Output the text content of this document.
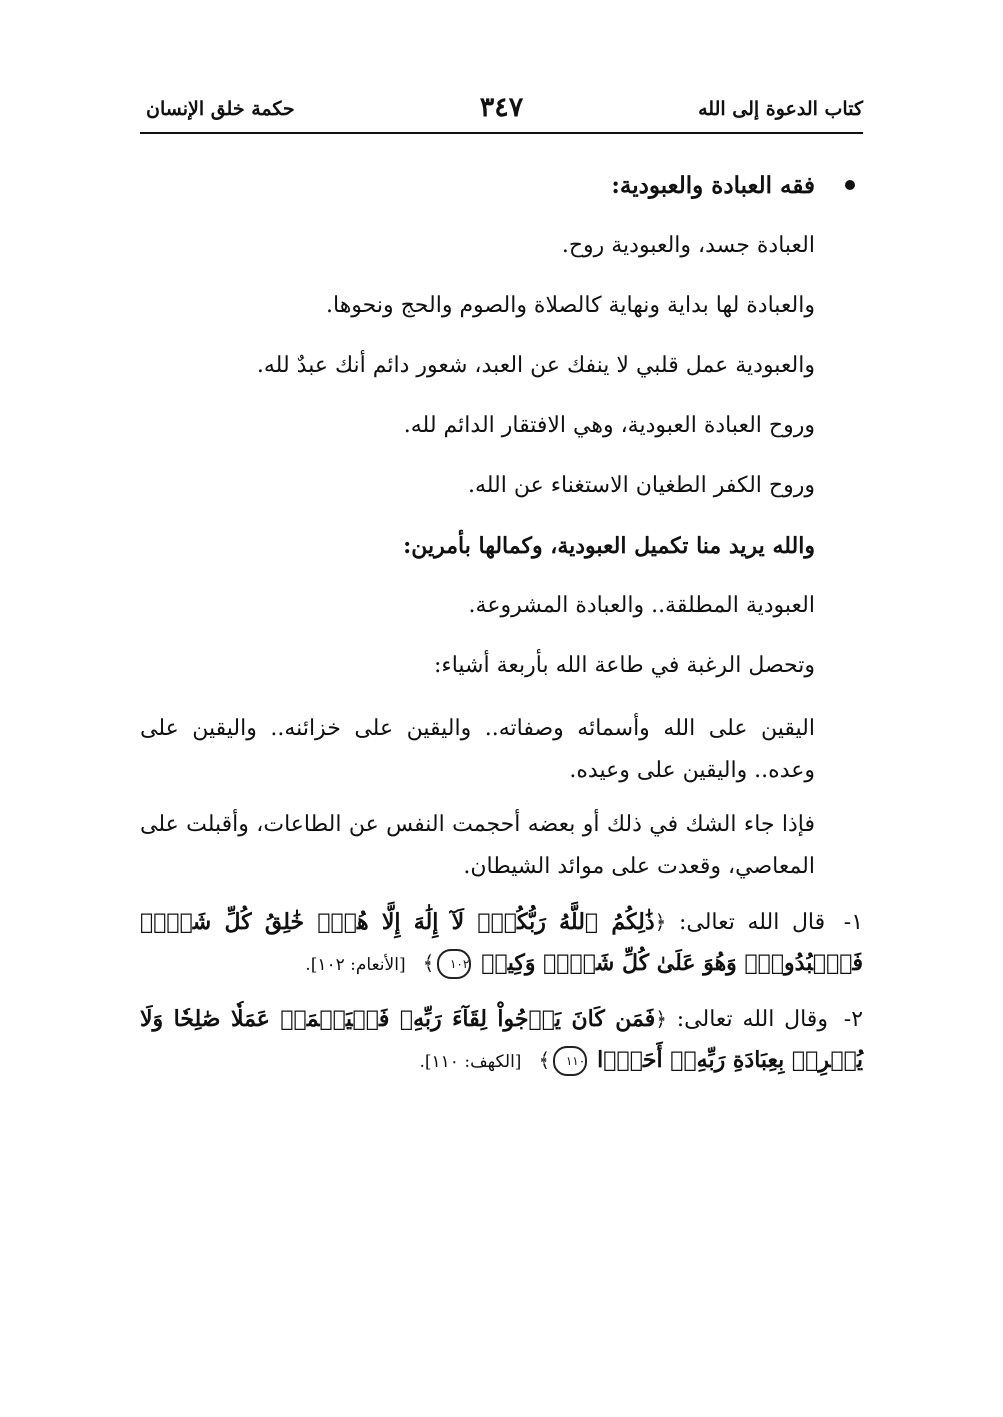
كتاب الدعوة إلى الله
٣٤٧
حكمة خلق الإنسان
فقه العبادة والعبودية:
العبادة جسد، والعبودية روح.
والعبادة لها بداية ونهاية كالصلاة والصوم والحج ونحوها.
والعبودية عمل قلبي لا ينفك عن العبد، شعور دائم أنك عبدٌ لله.
وروح العبادة العبودية، وهي الافتقار الدائم لله.
وروح الكفر الطغيان الاستغناء عن الله.
والله يريد منا تكميل العبودية، وكمالها بأمرين:
العبودية المطلقة.. والعبادة المشروعة.
وتحصل الرغبة في طاعة الله بأربعة أشياء:

اليقين على الله وأسمائه وصفاته.. واليقين على خزائنه.. واليقين على وعده.. واليقين على وعيده.

فإذا جاء الشك في ذلك أو بعضه أحجمت النفس عن الطاعات، وأقبلت على المعاصي، وقعدت على موائد الشيطان.

١- قال الله تعالى: ﴿ذَٰلِكُمُ ٱللَّهُ رَبُّكُمْۖ لَآ إِلَٰهَ إِلَّا هُوَۖ خَٰلِقُ كُلِّ شَيۡءٖ فَٱعۡبُدُوهُۚ وَهُوَ عَلَىٰ كُلِّ شَيۡءٖ وَكِيلٞ ١٠٢﴾ [الأنعام: ١٠٢].
٢- وقال الله تعالى: ﴿فَمَن كَانَ يَرۡجُواْ لِقَآءَ رَبِّهِۦ فَلۡيَعۡمَلۡ عَمَلٗا صَٰلِحٗا وَلَا يُشۡرِكۡ بِعِبَادَةِ رَبِّهِۦٓ أَحَدَۢا ١١٠﴾ [الكهف: ١١٠].
